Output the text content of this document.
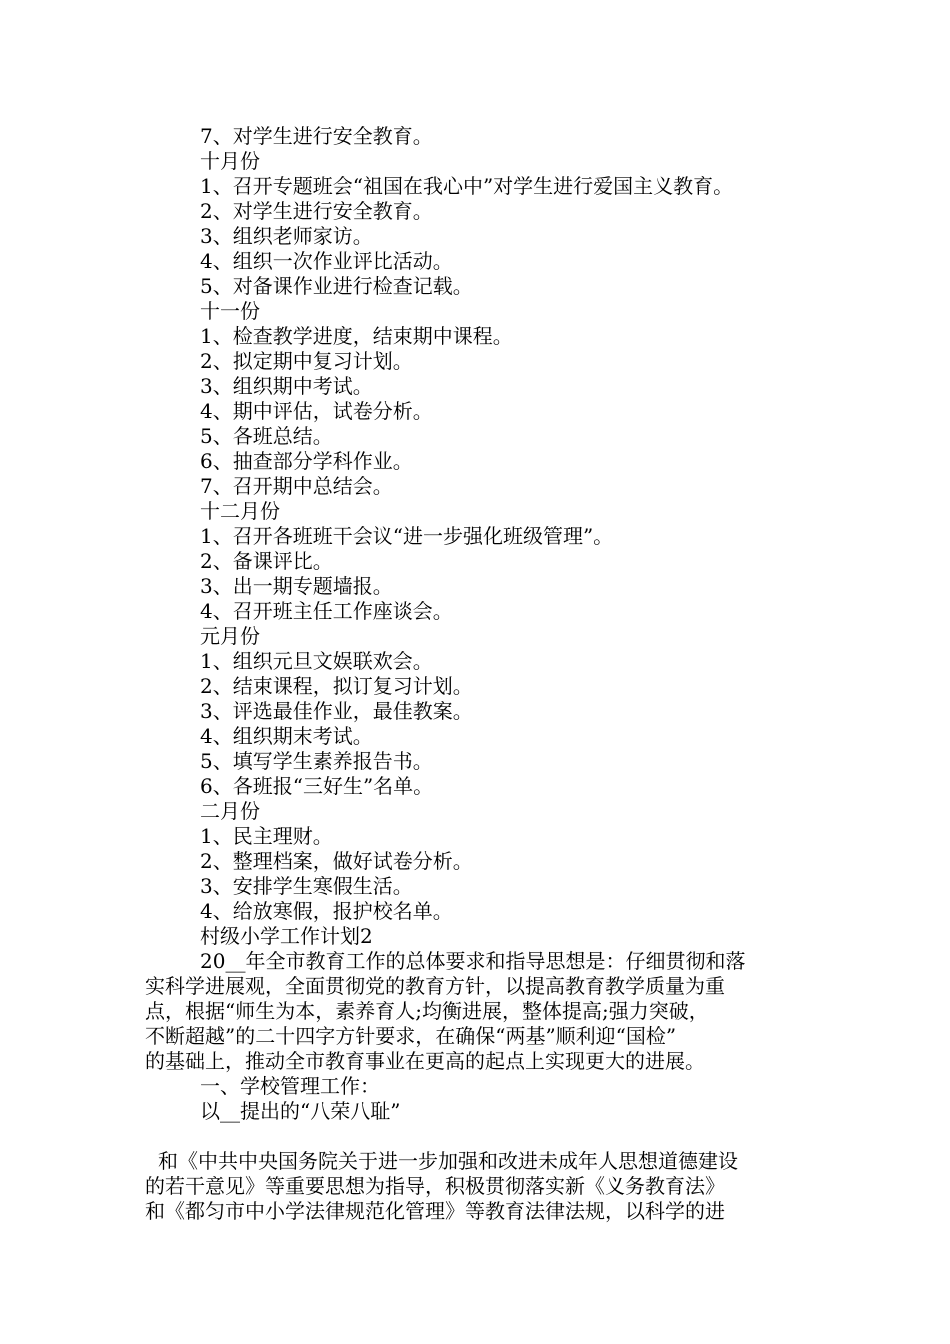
7、对学生进行安全教育。
十月份
1、召开专题班会“祖国在我心中”对学生进行爱国主义教育。
2、对学生进行安全教育。
3、组织老师家访。
4、组织一次作业评比活动。
5、对备课作业进行检查记载。
十一份
1、检查教学进度，结束期中课程。
2、拟定期中复习计划。
3、组织期中考试。
4、期中评估，试卷分析。
5、各班总结。
6、抽查部分学科作业。
7、召开期中总结会。
十二月份
1、召开各班班干会议“进一步强化班级管理”。
2、备课评比。
3、出一期专题墙报。
4、召开班主任工作座谈会。
元月份
1、组织元旦文娱联欢会。
2、结束课程，拟订复习计划。
3、评选最佳作业，最佳教案。
4、组织期末考试。
5、填写学生素养报告书。
6、各班报“三好生”名单。
二月份
1、民主理财。
2、整理档案，做好试卷分析。
3、安排学生寒假生活。
4、给放寒假，报护校名单。
村级小学工作计划2
20__年全市教育工作的总体要求和指导思想是：仔细贯彻和落
实科学进展观，全面贯彻党的教育方针，以提高教育教学质量为重
点，根据“师生为本，素养育人;均衡进展，整体提高;强力突破，
不断超越”的二十四字方针要求，在确保“两基”顺利迎“国检”
的基础上，推动全市教育事业在更高的起点上实现更大的进展。
一、学校管理工作：
以__提出的“八荣八耻”
和《中共中央国务院关于进一步加强和改进未成年人思想道德建设
的若干意见》等重要思想为指导，积极贯彻落实新《义务教育法》
和《都匀市中小学法律规范化管理》等教育法律法规，以科学的进
